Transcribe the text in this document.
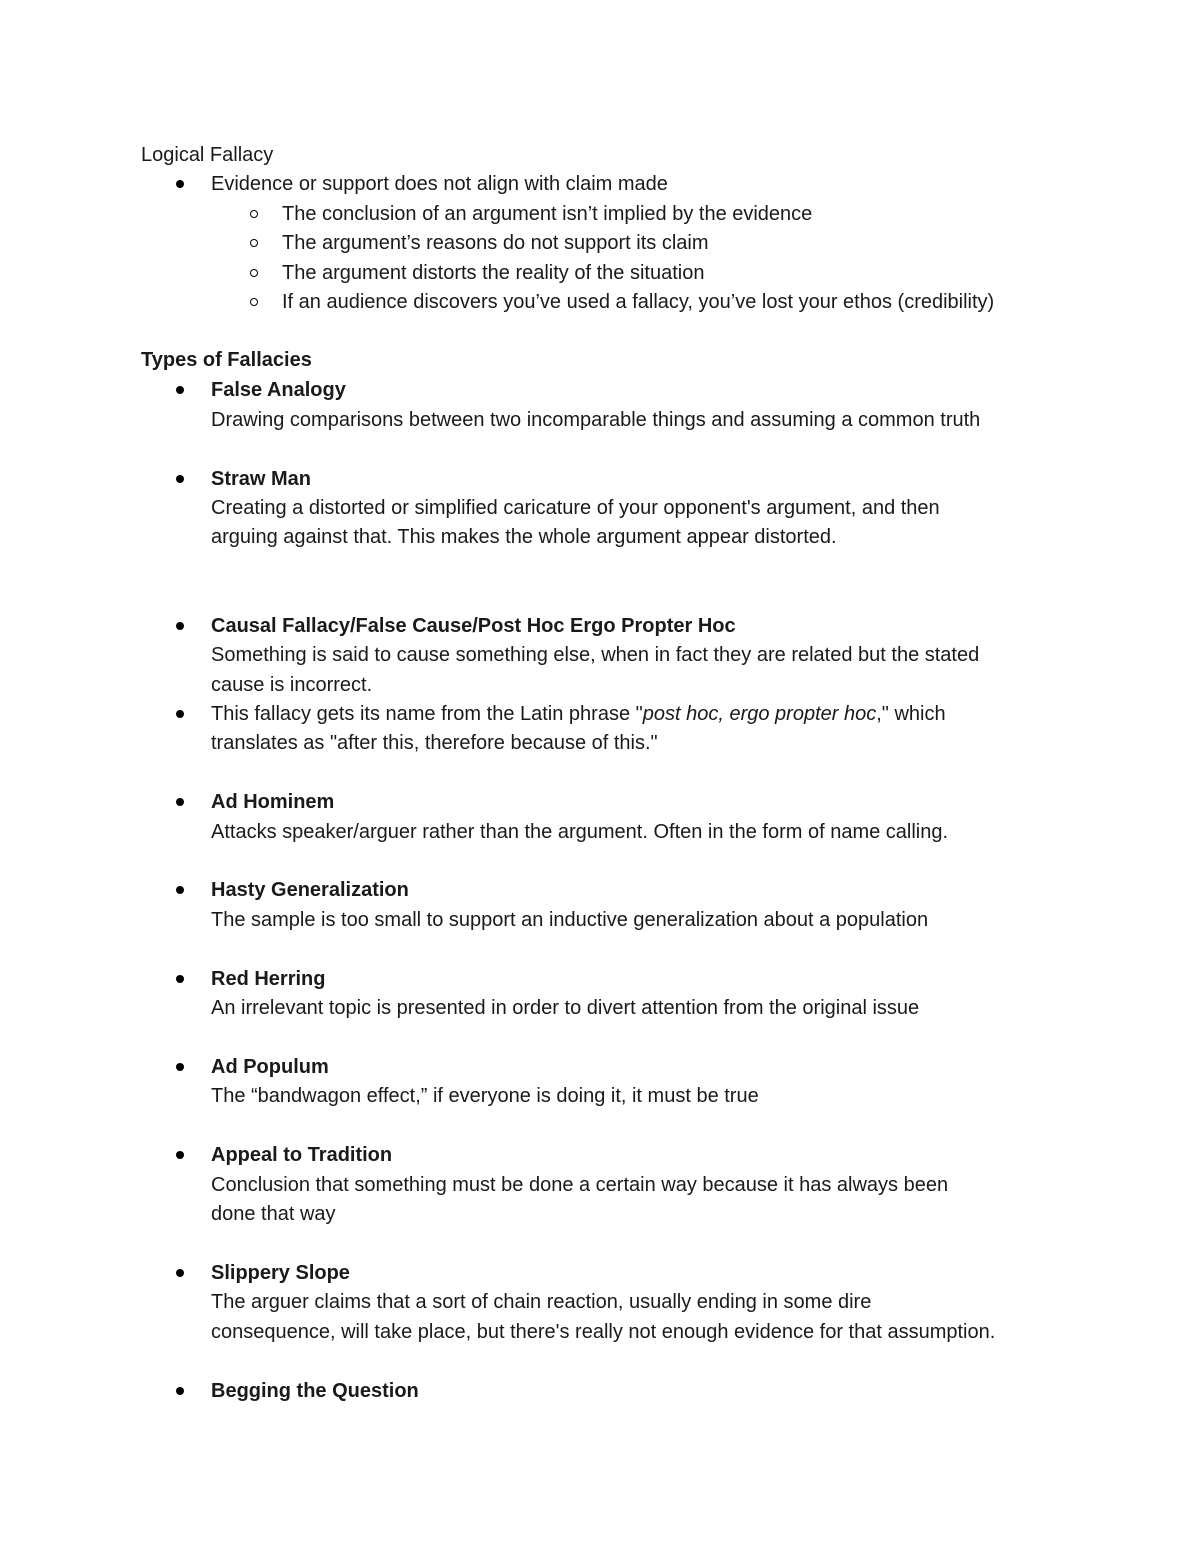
Logical Fallacy
Evidence or support does not align with claim made
The conclusion of an argument isn’t implied by the evidence
The argument’s reasons do not support its claim
The argument distorts the reality of the situation
If an audience discovers you’ve used a fallacy, you’ve lost your ethos (credibility)
Types of Fallacies
False Analogy
Drawing comparisons between two incomparable things and assuming a common truth
Straw Man
Creating a distorted or simplified caricature of your opponent's argument, and then
arguing against that. This makes the whole argument appear distorted.
Causal Fallacy/False Cause/Post Hoc Ergo Propter Hoc
Something is said to cause something else, when in fact they are related but the stated
cause is incorrect.
This fallacy gets its name from the Latin phrase "post hoc, ergo propter hoc," which
translates as "after this, therefore because of this."
Ad Hominem
Attacks speaker/arguer rather than the argument. Often in the form of name calling.
Hasty Generalization
The sample is too small to support an inductive generalization about a population
Red Herring
An irrelevant topic is presented in order to divert attention from the original issue
Ad Populum
The “bandwagon effect,” if everyone is doing it, it must be true
Appeal to Tradition
Conclusion that something must be done a certain way because it has always been
done that way
Slippery Slope
The arguer claims that a sort of chain reaction, usually ending in some dire
consequence, will take place, but there's really not enough evidence for that assumption.
Begging the Question
